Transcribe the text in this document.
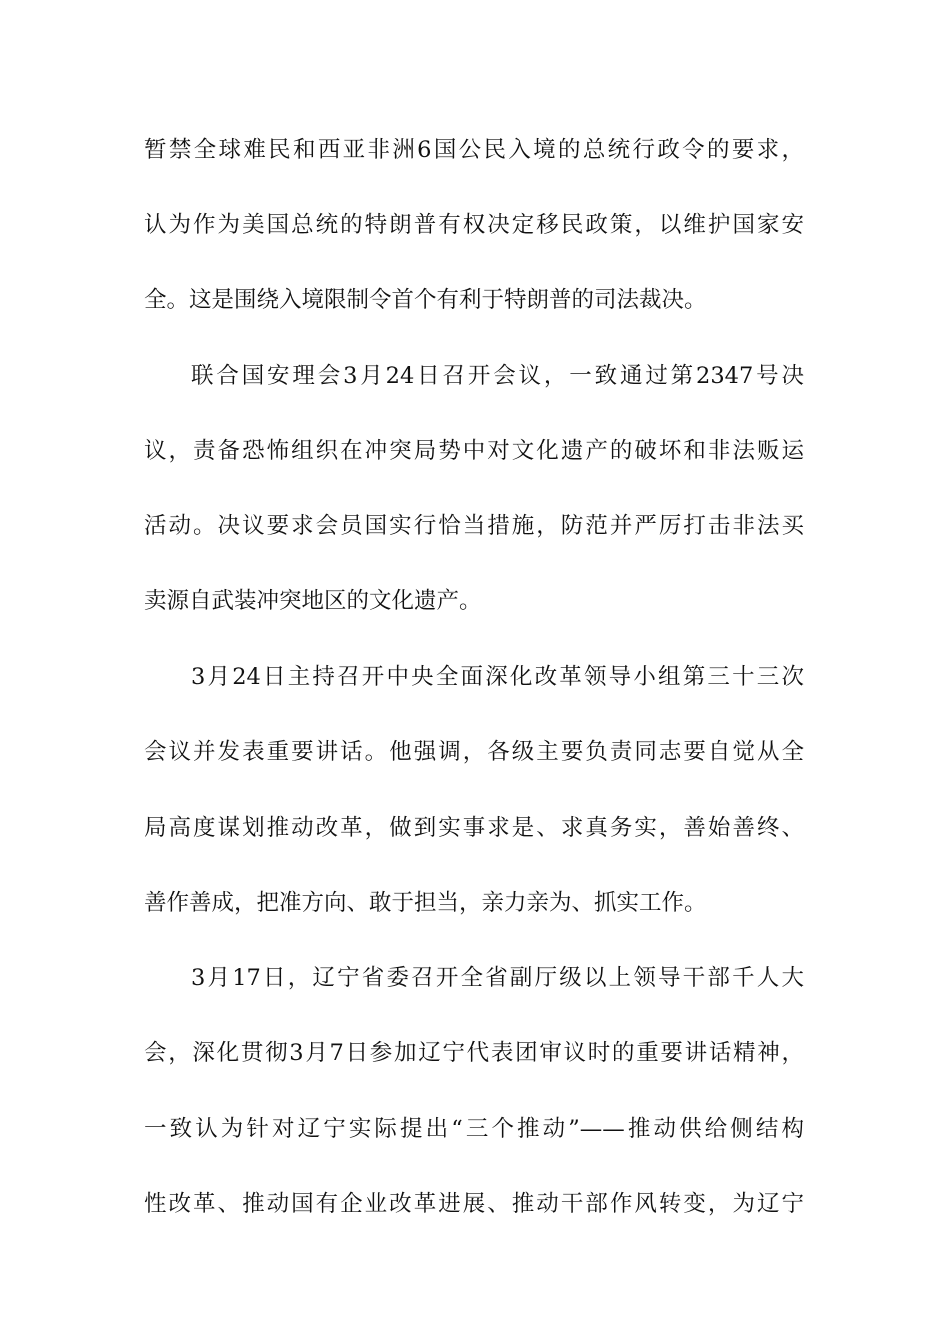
暂禁全球难民和西亚非洲6国公民入境的总统行政令的要求，
认为作为美国总统的特朗普有权决定移民政策，以维护国家安
全。这是围绕入境限制令首个有利于特朗普的司法裁决。
联合国安理会3月24日召开会议，一致通过第2347号决
议，责备恐怖组织在冲突局势中对文化遗产的破坏和非法贩运
活动。决议要求会员国实行恰当措施，防范并严厉打击非法买
卖源自武装冲突地区的文化遗产。
3月24日主持召开中央全面深化改革领导小组第三十三次
会议并发表重要讲话。他强调，各级主要负责同志要自觉从全
局高度谋划推动改革，做到实事求是、求真务实，善始善终、
善作善成，把准方向、敢于担当，亲力亲为、抓实工作。
3月17日，辽宁省委召开全省副厅级以上领导干部千人大
会，深化贯彻3月7日参加辽宁代表团审议时的重要讲话精神，
一致认为针对辽宁实际提出“三个推动”——推动供给侧结构
性改革、推动国有企业改革进展、推动干部作风转变，为辽宁
